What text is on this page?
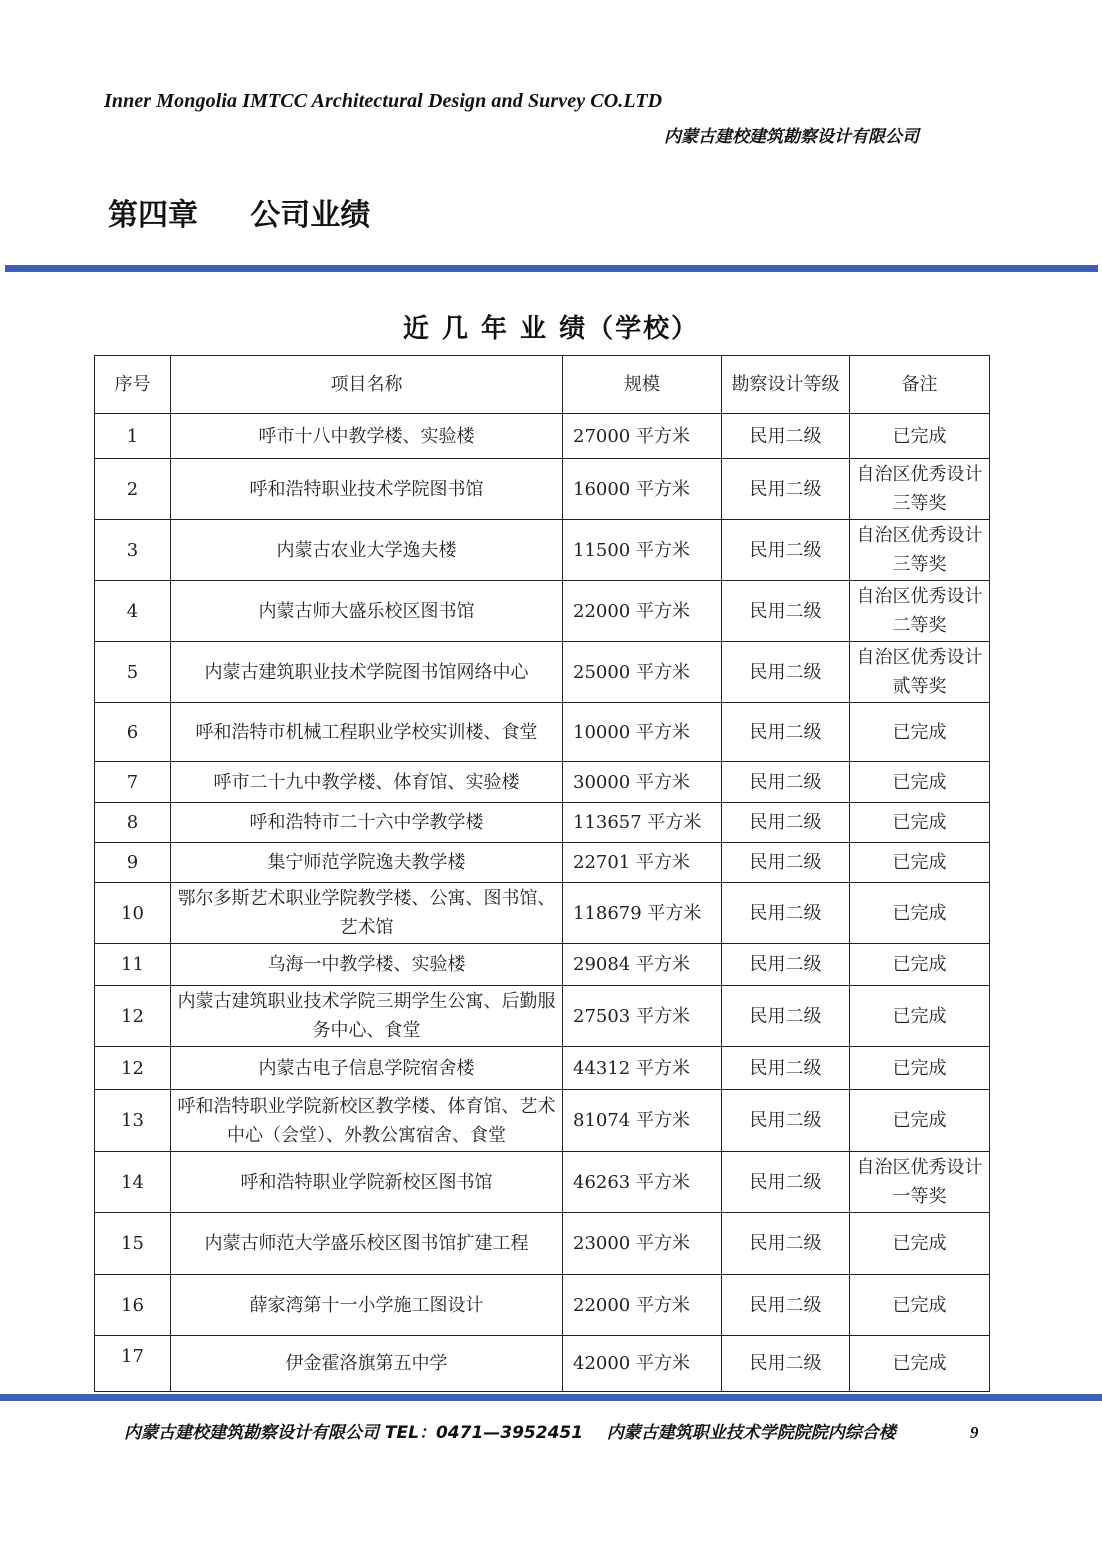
Inner Mongolia IMTCC Architectural Design and Survey CO.LTD
内蒙古建校建筑勘察设计有限公司
第四章     公司业绩
近 几 年 业 绩（学校）
序号	项目名称	规模	勘察设计等级	备注
1	呼市十八中教学楼、实验楼	27000 平方米	民用二级	已完成
2	呼和浩特职业技术学院图书馆	16000 平方米	民用二级	自治区优秀设计三等奖
3	内蒙古农业大学逸夫楼	11500 平方米	民用二级	自治区优秀设计三等奖
4	内蒙古师大盛乐校区图书馆	22000 平方米	民用二级	自治区优秀设计二等奖
5	内蒙古建筑职业技术学院图书馆网络中心	25000 平方米	民用二级	自治区优秀设计贰等奖
6	呼和浩特市机械工程职业学校实训楼、食堂	10000 平方米	民用二级	已完成
7	呼市二十九中教学楼、体育馆、实验楼	30000 平方米	民用二级	已完成
8	呼和浩特市二十六中学教学楼	113657 平方米	民用二级	已完成
9	集宁师范学院逸夫教学楼	22701 平方米	民用二级	已完成
10	鄂尔多斯艺术职业学院教学楼、公寓、图书馆、艺术馆	118679 平方米	民用二级	已完成
11	乌海一中教学楼、实验楼	29084 平方米	民用二级	已完成
12	内蒙古建筑职业技术学院三期学生公寓、后勤服务中心、食堂	27503 平方米	民用二级	已完成
12	内蒙古电子信息学院宿舍楼	44312 平方米	民用二级	已完成
13	呼和浩特职业学院新校区教学楼、体育馆、艺术中心（会堂）、外教公寓宿舍、食堂	81074 平方米	民用二级	已完成
14	呼和浩特职业学院新校区图书馆	46263 平方米	民用二级	自治区优秀设计一等奖
15	内蒙古师范大学盛乐校区图书馆扩建工程	23000 平方米	民用二级	已完成
16	薛家湾第十一小学施工图设计	22000 平方米	民用二级	已完成
17	伊金霍洛旗第五中学	42000 平方米	民用二级	已完成
内蒙古建校建筑勘察设计有限公司 TEL：0471—3952451    内蒙古建筑职业技术学院院院内综合楼	9
